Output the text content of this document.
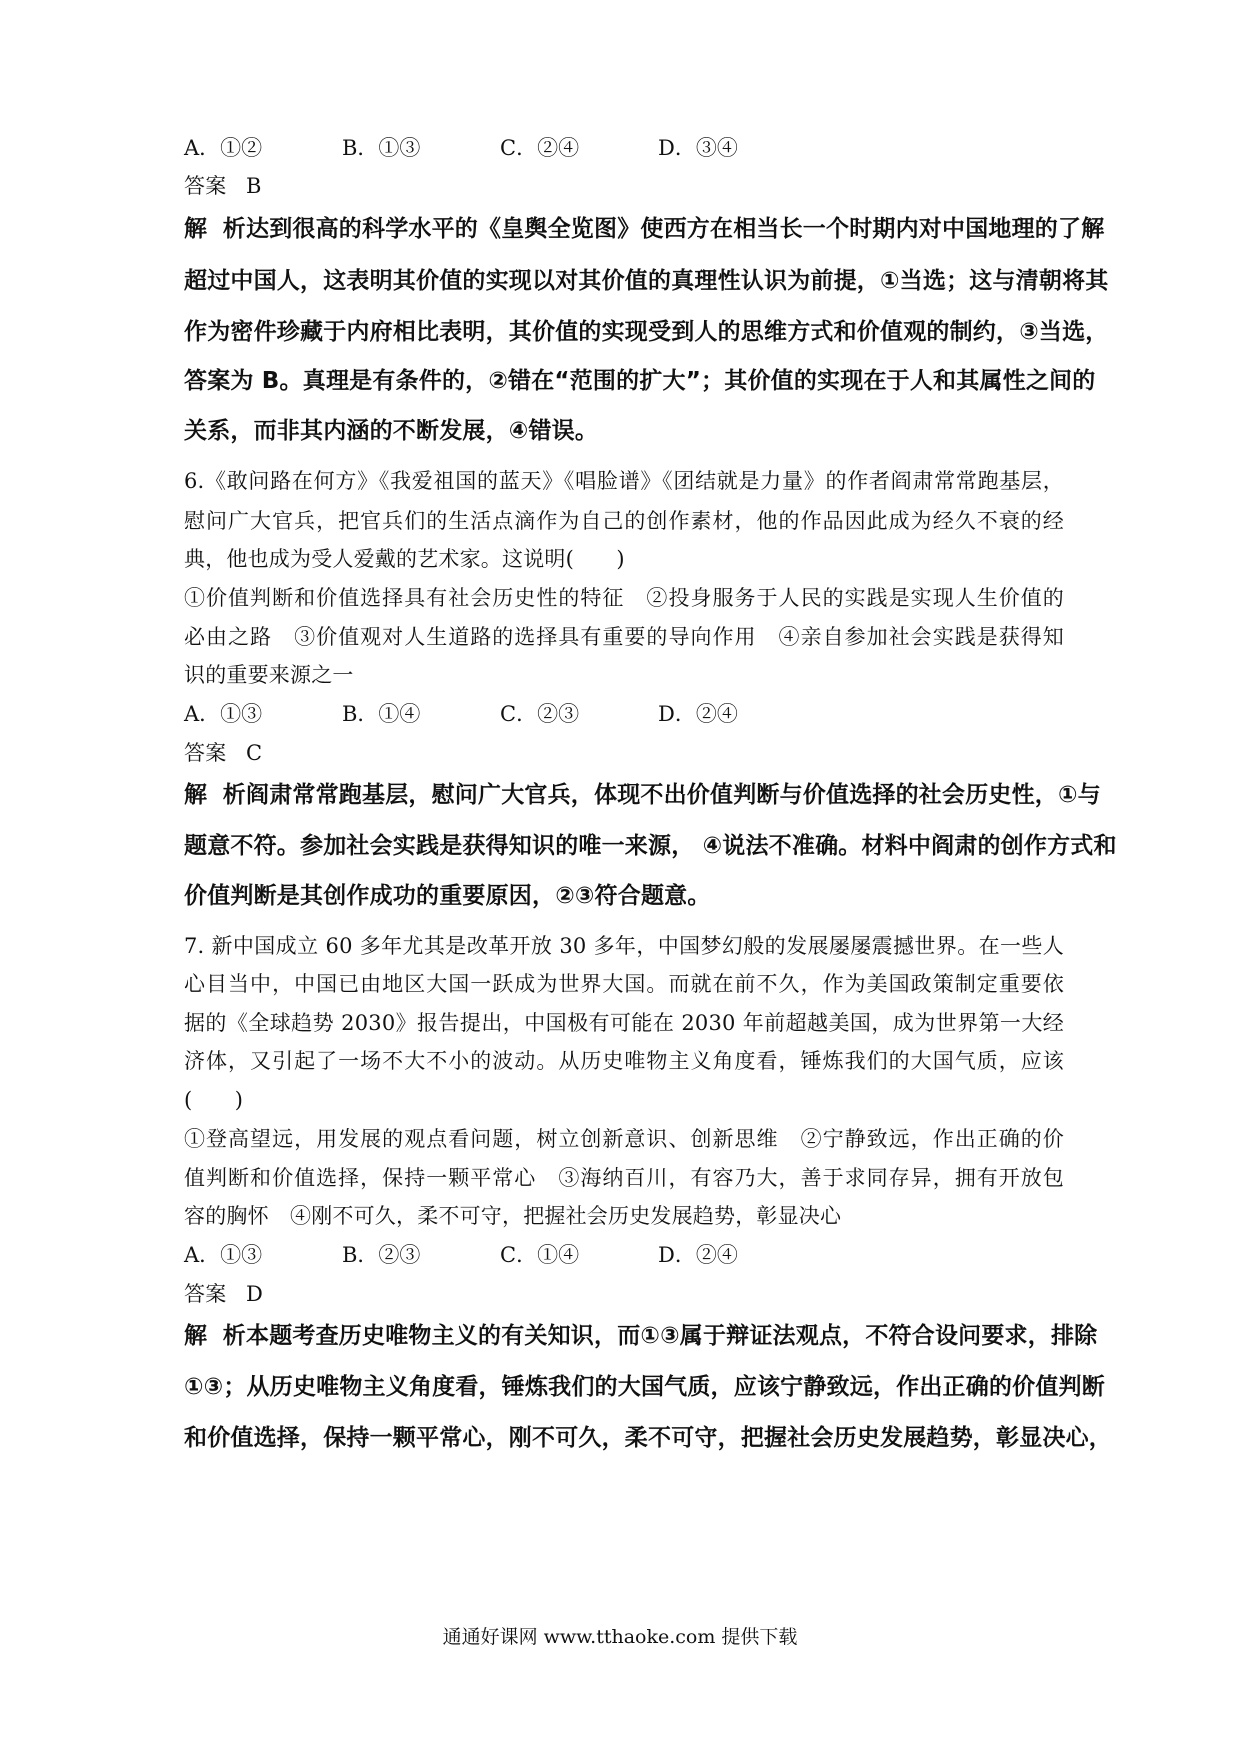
A．①②	B．①③	C．②④	D．③④
答案 B
解析达到很高的科学水平的《皇舆全览图》使西方在相当长一个时期内对中国地理的了解
超过中国人，这表明其价值的实现以对其价值的真理性认识为前提，①当选；这与清朝将其
作为密件珍藏于内府相比表明，其价值的实现受到人的思维方式和价值观的制约，③当选，
答案为 B。真理是有条件的，②错在“范围的扩大”；其价值的实现在于人和其属性之间的
关系，而非其内涵的不断发展，④错误。
6.《敢问路在何方》《我爱祖国的蓝天》《唱脸谱》《团结就是力量》的作者阎肃常常跑基层，
慰问广大官兵，把官兵们的生活点滴作为自己的创作素材，他的作品因此成为经久不衰的经
典，他也成为受人爱戴的艺术家。这说明(　　)
①价值判断和价值选择具有社会历史性的特征　②投身服务于人民的实践是实现人生价值的
必由之路　③价值观对人生道路的选择具有重要的导向作用　④亲自参加社会实践是获得知
识的重要来源之一
A．①③	B．①④	C．②③	D．②④
答案 C
解析阎肃常常跑基层，慰问广大官兵，体现不出价值判断与价值选择的社会历史性，①与
题意不符。参加社会实践是获得知识的唯一来源， ④说法不准确。材料中阎肃的创作方式和
价值判断是其创作成功的重要原因，②③符合题意。
7. 新中国成立 60 多年尤其是改革开放 30 多年，中国梦幻般的发展屡屡震撼世界。在一些人
心目当中，中国已由地区大国一跃成为世界大国。而就在前不久，作为美国政策制定重要依
据的《全球趋势 2030》报告提出，中国极有可能在 2030 年前超越美国，成为世界第一大经
济体，又引起了一场不大不小的波动。从历史唯物主义角度看，锤炼我们的大国气质，应该
(　　)
①登高望远，用发展的观点看问题，树立创新意识、创新思维　②宁静致远，作出正确的价
值判断和价值选择，保持一颗平常心　③海纳百川，有容乃大，善于求同存异，拥有开放包
容的胸怀　④刚不可久，柔不可守，把握社会历史发展趋势，彰显决心
A．①③	B．②③	C．①④	D．②④
答案 D
解析本题考查历史唯物主义的有关知识，而①③属于辩证法观点，不符合设问要求，排除
①③；从历史唯物主义角度看，锤炼我们的大国气质，应该宁静致远，作出正确的价值判断
和价值选择，保持一颗平常心，刚不可久，柔不可守，把握社会历史发展趋势，彰显决心，
通通好课网 www.tthaoke.com 提供下载
